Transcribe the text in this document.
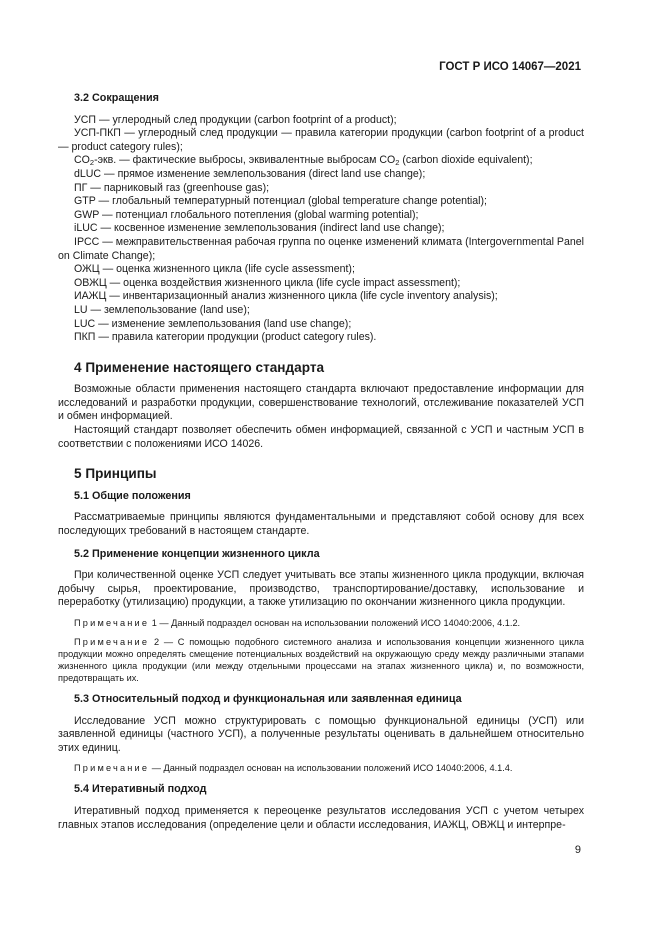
ГОСТ Р ИСО 14067—2021
3.2 Сокращения

УСП — углеродный след продукции (carbon footprint of a product);

УСП-ПКП — углеродный след продукции — правила категории продукции (carbon footprint of a product — product category rules);

$CO_2$-экв. — фактические выбросы, эквивалентные выбросам $CO_2$ (carbon dioxide equivalent);

dLUC — прямое изменение землепользования (direct land use change);

ПГ — парниковый газ (greenhouse gas);

GTP — глобальный температурный потенциал (global temperature change potential);

GWP — потенциал глобального потепления (global warming potential);

iLUC — косвенное изменение землепользования (indirect land use change);

IPCC — межправительственная рабочая группа по оценке изменений климата (Intergovernmental Panel on Climate Change);

ОЖЦ — оценка жизненного цикла (life cycle assessment);

ОВЖЦ — оценка воздействия жизненного цикла (life cycle impact assessment);

ИАЖЦ — инвентаризационный анализ жизненного цикла (life cycle inventory analysis);

LU — землепользование (land use);

LUC — изменение землепользования (land use change);

ПКП — правила категории продукции (product category rules).

4 Применение настоящего стандарта

Возможные области применения настоящего стандарта включают предоставление информации для исследований и разработки продукции, совершенствование технологий, отслеживание показателей УСП и обмен информацией.

Настоящий стандарт позволяет обеспечить обмен информацией, связанной с УСП и частным УСП в соответствии с положениями ИСО 14026.

5 Принципы
5.1 Общие положения

Рассматриваемые принципы являются фундаментальными и представляют собой основу для всех последующих требований в настоящем стандарте.

5.2 Применение концепции жизненного цикла

При количественной оценке УСП следует учитывать все этапы жизненного цикла продукции, включая добычу сырья, проектирование, производство, транспортирование/доставку, использование и переработку (утилизацию) продукции, а также утилизацию по окончании жизненного цикла продукции.

Примечание 1 — Данный подраздел основан на использовании положений ИСО 14040:2006, 4.1.2.

Примечание 2 — С помощью подобного системного анализа и использования концепции жизненного цикла продукции можно определять смещение потенциальных воздействий на окружающую среду между различными этапами жизненного цикла продукции (или между отдельными процессами на этапах жизненного цикла) и, по возможности, предотвращать их.

5.3 Относительный подход и функциональная или заявленная единица

Исследование УСП можно структурировать с помощью функциональной единицы (УСП) или заявленной единицы (частного УСП), а полученные результаты оценивать в дальнейшем относительно этих единиц.

Примечание — Данный подраздел основан на использовании положений ИСО 14040:2006, 4.1.4.

5.4 Итеративный подход

Итеративный подход применяется к переоценке результатов исследования УСП с учетом четырех главных этапов исследования (определение цели и области исследования, ИАЖЦ, ОВЖЦ и интерпре-

9
